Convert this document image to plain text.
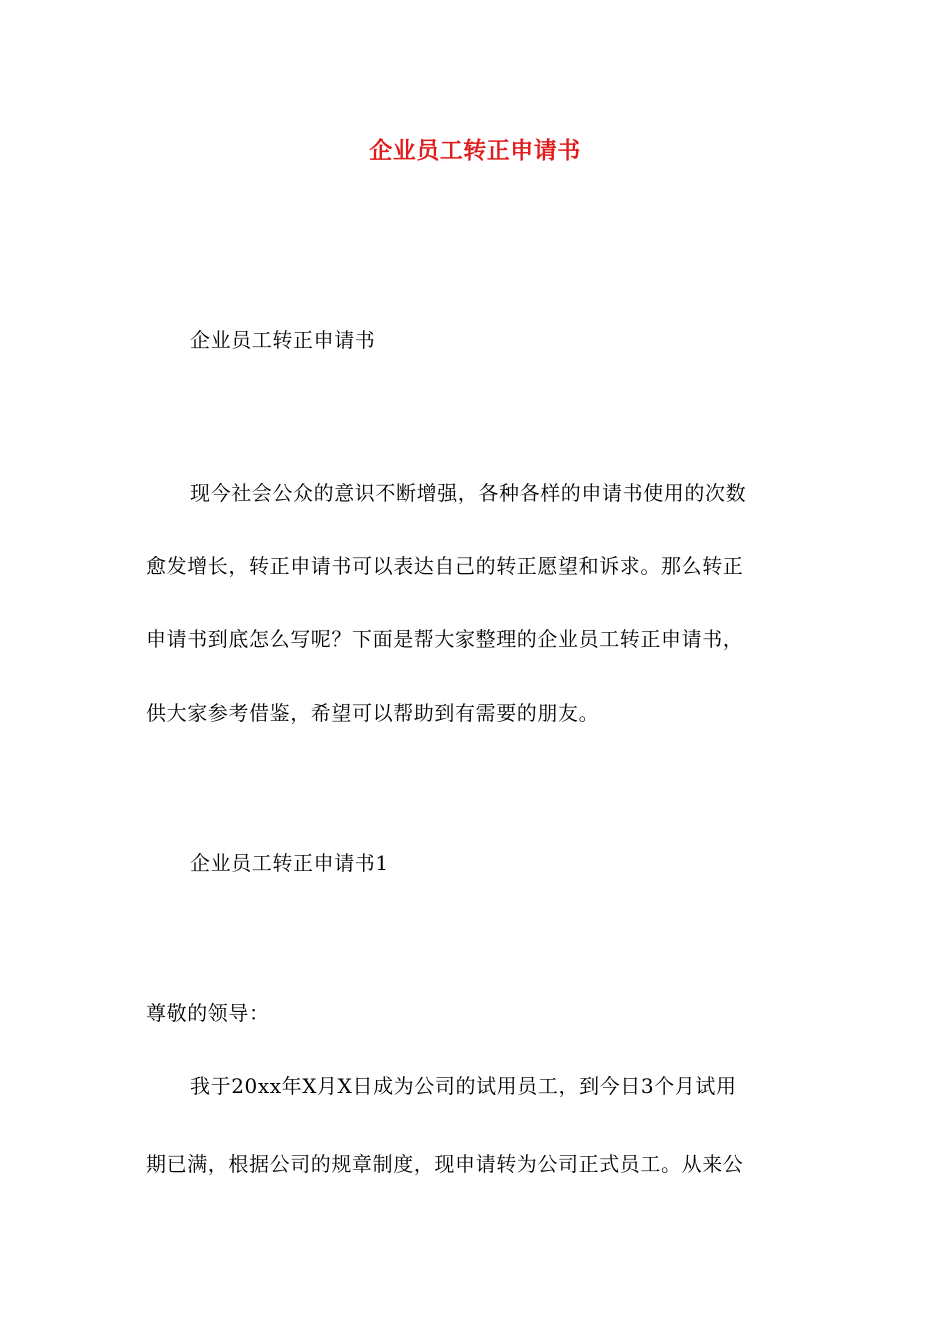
企业员工转正申请书
企业员工转正申请书
现今社会公众的意识不断增强，各种各样的申请书使用的次数
愈发增长，转正申请书可以表达自己的转正愿望和诉求。那么转正
申请书到底怎么写呢？下面是帮大家整理的企业员工转正申请书，
供大家参考借鉴，希望可以帮助到有需要的朋友。
企业员工转正申请书1
尊敬的领导：
我于20xx年X月X日成为公司的试用员工，到今日3个月试用
期已满，根据公司的规章制度，现申请转为公司正式员工。从来公
